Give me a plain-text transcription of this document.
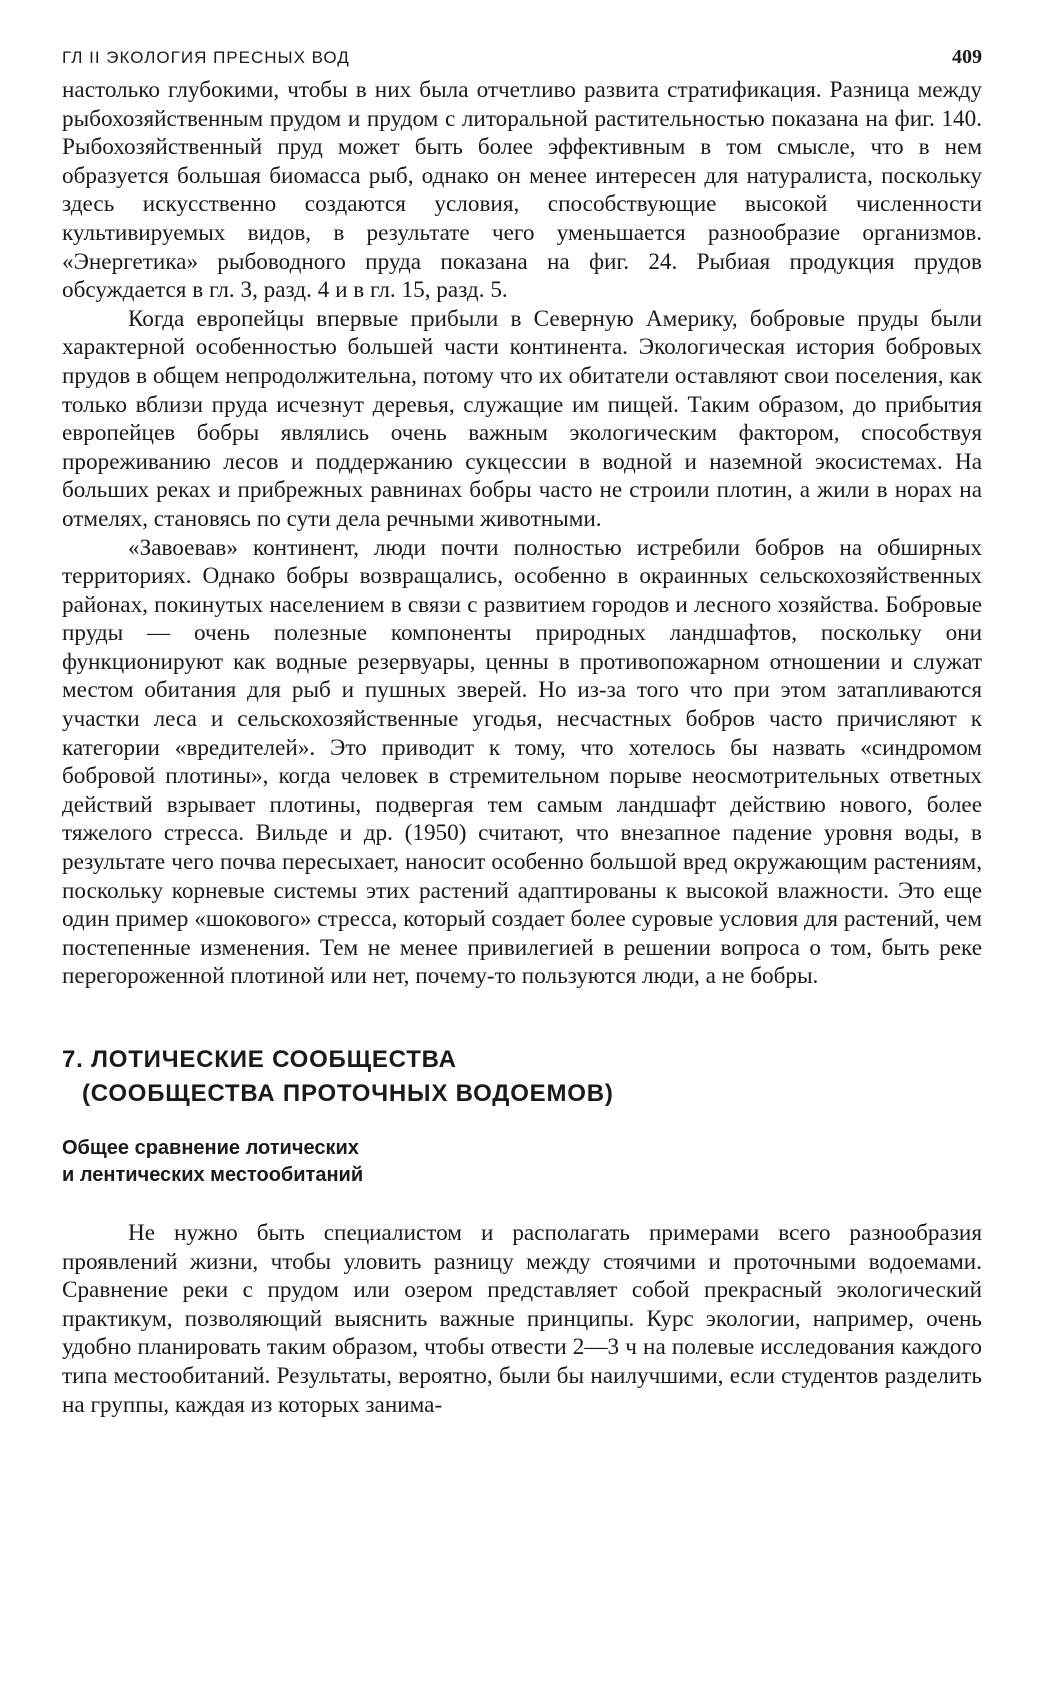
ГЛ II ЭКОЛОГИЯ ПРЕСНЫХ ВОД	409

настолько глубокими, чтобы в них была отчетливо развита стратификация. Разница между рыбохозяйственным прудом и прудом с литоральной растительностью показана на фиг. 140. Рыбохозяйственный пруд может быть более эффективным в том смысле, что в нем образуется большая биомасса рыб, однако он менее интересен для натуралиста, поскольку здесь искусственно создаются условия, способствующие высокой численности культивируемых видов, в результате чего уменьшается разнообразие организмов. «Энергетика» рыбоводного пруда показана на фиг. 24. Рыбиая продукция прудов обсуждается в гл. 3, разд. 4 и в гл. 15, разд. 5.

Когда европейцы впервые прибыли в Северную Америку, бобровые пруды были характерной особенностью большей части континента. Экологическая история бобровых прудов в общем непродолжительна, потому что их обитатели оставляют свои поселения, как только вблизи пруда исчезнут деревья, служащие им пищей. Таким образом, до прибытия европейцев бобры являлись очень важным экологическим фактором, способствуя прореживанию лесов и поддержанию сукцессии в водной и наземной экосистемах. На больших реках и прибрежных равнинах бобры часто не строили плотин, а жили в норах на отмелях, становясь по сути дела речными животными.

«Завоевав» континент, люди почти полностью истребили бобров на обширных территориях. Однако бобры возвращались, особенно в окраинных сельскохозяйственных районах, покинутых населением в связи с развитием городов и лесного хозяйства. Бобровые пруды — очень полезные компоненты природных ландшафтов, поскольку они функционируют как водные резервуары, ценны в противопожарном отношении и служат местом обитания для рыб и пушных зверей. Но из-за того что при этом затапливаются участки леса и сельскохозяйственные угодья, несчастных бобров часто причисляют к категории «вредителей». Это приводит к тому, что хотелось бы назвать «синдромом бобровой плотины», когда человек в стремительном порыве неосмотрительных ответных действий взрывает плотины, подвергая тем самым ландшафт действию нового, более тяжелого стресса. Вильде и др. (1950) считают, что внезапное падение уровня воды, в результате чего почва пересыхает, наносит особенно большой вред окружающим растениям, поскольку корневые системы этих растений адаптированы к высокой влажности. Это еще один пример «шокового» стресса, который создает более суровые условия для растений, чем постепенные изменения. Тем не менее привилегией в решении вопроса о том, быть реке перегороженной плотиной или нет, почему-то пользуются люди, а не бобры.

7. ЛОТИЧЕСКИЕ СООБЩЕСТВА
(СООБЩЕСТВА ПРОТОЧНЫХ ВОДОЕМОВ)
Общее сравнение лотических
и лентических местообитаний

Не нужно быть специалистом и располагать примерами всего разнообразия проявлений жизни, чтобы уловить разницу между стоячими и проточными водоемами. Сравнение реки с прудом или озером представляет собой прекрасный экологический практикум, позволяющий выяснить важные принципы. Курс экологии, например, очень удобно планировать таким образом, чтобы отвести 2—3 ч на полевые исследования каждого типа местообитаний. Результаты, вероятно, были бы наилучшими, если студентов разделить на группы, каждая из которых занима-
